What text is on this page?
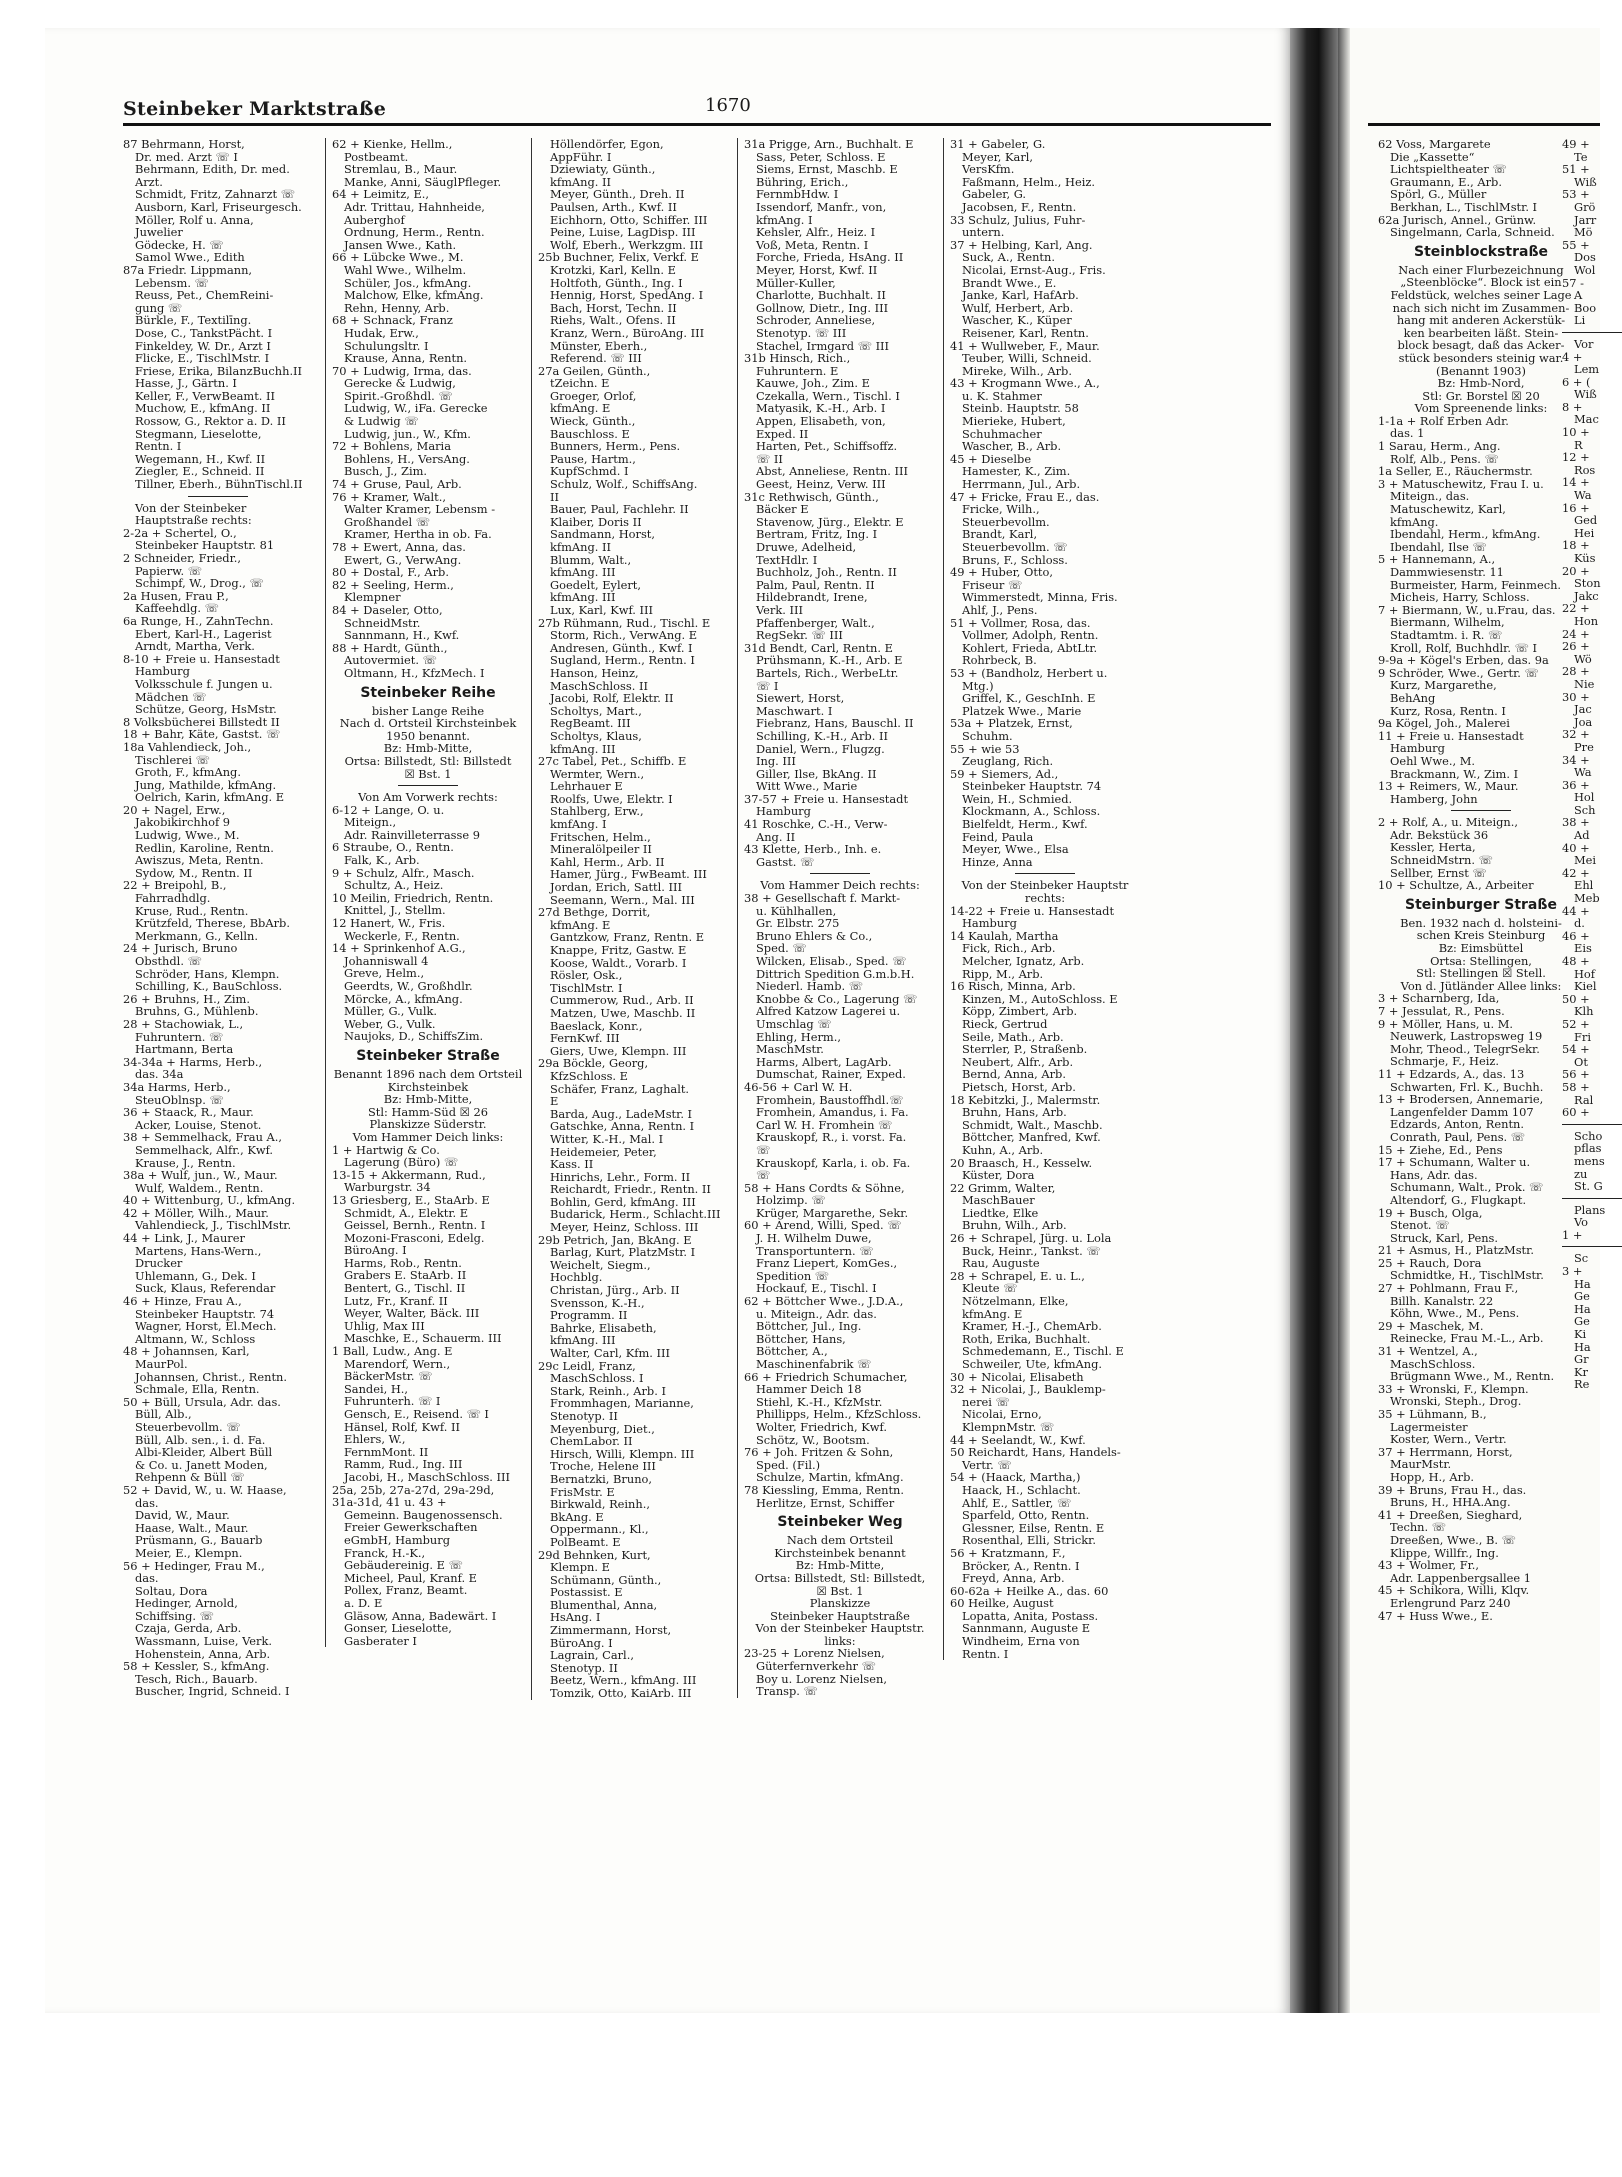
Steinbeker Marktstraße	1670
87 Behrmann, Horst,
Dr. med. Arzt ☏ I
Behrmann, Edith, Dr. med.
Arzt.
Schmidt, Fritz, Zahnarzt ☏
Ausborn, Karl, Friseurgesch.
Möller, Rolf u. Anna,
Juwelier
Gödecke, H. ☏
Samol Wwe., Edith
87a Friedr. Lippmann,
Lebensm. ☏
Reuss, Pet., ChemReini-
gung ☏
Bürkle, F., Textilīng.
Dose, C., TankstPächt. I
Finkeldey, W. Dr., Arzt I
Flicke, E., TischlMstr. I
Friese, Erika, BilanzBuchh.II
Hasse, J., Gärtn. I
Keller, F., VerwBeamt. II
Muchow, E., kfmAng. II
Rossow, G., Rektor a. D. II
Stegmann, Lieselotte,
Rentn. I
Wegemann, H., Kwf. II
Ziegler, E., Schneid. II
Tillner, Eberh., BühnTischl.II
Von der Steinbeker
Hauptstraße rechts:
2-2a + Schertel, O.,
Steinbeker Hauptstr. 81
2 Schneider, Friedr.,
Papierw. ☏
Schimpf, W., Drog., ☏
2a Husen, Frau P.,
Kaffeehdlg. ☏
6a Runge, H., ZahnTechn.
Ebert, Karl-H., Lagerist
Arndt, Martha, Verk.
8-10 + Freie u. Hansestadt
Hamburg
Volksschule f. Jungen u.
Mädchen ☏
Schütze, Georg, HsMstr.
8 Volksbücherei Billstedt II
18 + Bahr, Käte, Gastst. ☏
18a Vahlendieck, Joh.,
Tischlerei ☏
Groth, F., kfmAng.
Jung, Mathilde, kfmAng.
Oelrich, Karin, kfmAng. E
20 + Nagel, Erw.,
Jakobikirchhof 9
Ludwig, Wwe., M.
Redlin, Karoline, Rentn.
Awiszus, Meta, Rentn.
Sydow, M., Rentn. II
22 + Breipohl, B.,
Fahrradhdlg.
Kruse, Rud., Rentn.
Krützfeld, Therese, BbArb.
Merkmann, G., Kelln.
24 + Jurisch, Bruno
Obsthdl. ☏
Schröder, Hans, Klempn.
Schilling, K., BauSchloss.
26 + Bruhns, H., Zim.
Bruhns, G., Mühlenb.
28 + Stachowiak, L.,
Fuhruntern. ☏
Hartmann, Berta
34-34a + Harms, Herb.,
das. 34a
34a Harms, Herb.,
SteuOblnsp. ☏
36 + Staack, R., Maur.
Acker, Louise, Stenot.
38 + Semmelhack, Frau A.,
Semmelhack, Alfr., Kwf.
Krause, J., Rentn.
38a + Wulf, jun., W., Maur.
Wulf, Waldem., Rentn.
40 + Wittenburg, U., kfmAng.
42 + Möller, Wilh., Maur.
Vahlendieck, J., TischlMstr.
44 + Link, J., Maurer
Martens, Hans-Wern.,
Drucker
Uhlemann, G., Dek. I
Suck, Klaus, Referendar
46 + Hinze, Frau A.,
Steinbeker Hauptstr. 74
Wagner, Horst, El.Mech.
Altmann, W., Schloss
48 + Johannsen, Karl,
MaurPol.
Johannsen, Christ., Rentn.
Schmale, Ella, Rentn.
50 + Büll, Ursula, Adr. das.
Büll, Alb.,
Steuerbevollm. ☏
Büll, Alb. sen., i. d. Fa.
Albi-Kleider, Albert Büll
& Co. u. Janett Moden,
Rehpenn & Büll ☏
52 + David, W., u. W. Haase,
das.
David, W., Maur.
Haase, Walt., Maur.
Prüsmann, G., Bauarb
Meier, E., Klempn.
56 + Hedinger, Frau M.,
das.
Soltau, Dora
Hedinger, Arnold,
Schiffsing. ☏
Czaja, Gerda, Arb.
Wassmann, Luise, Verk.
Hohenstein, Anna, Arb.
58 + Kessler, S., kfmAng.
Tesch, Rich., Bauarb.
Buscher, Ingrid, Schneid. I
62 + Kienke, Hellm.,
Postbeamt.
Stremlau, B., Maur.
Manke, Anni, SäuglPfleger.
64 + Leimitz, E.,
Adr. Trittau, Hahnheide,
Auberghof
Ordnung, Herm., Rentn.
Jansen Wwe., Kath.
66 + Lübcke Wwe., M.
Wahl Wwe., Wilhelm.
Schüler, Jos., kfmAng.
Malchow, Elke, kfmAng.
Rehn, Henny, Arb.
68 + Schnack, Franz
Hudak, Erw.,
Schulungsltr. I
Krause, Anna, Rentn.
70 + Ludwig, Irma, das.
Gerecke & Ludwig,
Spirit.-Großhdl. ☏
Ludwig, W., iFa. Gerecke
& Ludwig ☏
Ludwig, jun., W., Kfm.
72 + Bohlens, Maria
Bohlens, H., VersAng.
Busch, J., Zim.
74 + Gruse, Paul, Arb.
76 + Kramer, Walt.,
Walter Kramer, Lebensm -
Großhandel ☏
Kramer, Hertha in ob. Fa.
78 + Ewert, Anna, das.
Ewert, G., VerwAng.
80 + Dostal, F., Arb.
82 + Seeling, Herm.,
Klempner
84 + Daseler, Otto,
SchneidMstr.
Sannmann, H., Kwf.
88 + Hardt, Günth.,
Autovermiet. ☏
Oltmann, H., KfzMech. I
Steinbeker Reihe
bisher Lange Reihe
Nach d. Ortsteil Kirchsteinbek
1950 benannt.
Bz: Hmb-Mitte,
Ortsa: Billstedt, Stl: Billstedt
☒ Bst. 1
Von Am Vorwerk rechts:
6-12 + Lange, O. u.
Miteign.,
Adr. Rainvilleterrasse 9
6 Straube, O., Rentn.
Falk, K., Arb.
9 + Schulz, Alfr., Masch.
Schultz, A., Heiz.
10 Meilin, Friedrich, Rentn.
Knittel, J., Stellm.
12 Hanert, W., Fris.
Weckerle, F., Rentn.
14 + Sprinkenhof A.G.,
Johanniswall 4
Greve, Helm.,
Geerdts, W., Großhdlr.
Mörcke, A., kfmAng.
Müller, G., Vulk.
Weber, G., Vulk.
Naujoks, D., SchiffsZim.
Steinbeker Straße
Benannt 1896 nach dem Ortsteil
Kirchsteinbek
Bz: Hmb-Mitte,
Stl: Hamm-Süd ☒ 26
Planskizze Süderstr.
Vom Hammer Deich links:
1 + Hartwig & Co.
Lagerung (Büro) ☏
13-15 + Akkermann, Rud.,
Warburgstr. 34
13 Griesberg, E., StaArb. E
Schmidt, A., Elektr. E
Geissel, Bernh., Rentn. I
Mozoni-Frasconi, Edelg.
BüroAng. I
Harms, Rob., Rentn.
Grabers E. StaArb. II
Bentert, G., Tischl. II
Lutz, Fr., Kranf. II
Weyer, Walter, Bäck. III
Uhlig, Max III
Maschke, E., Schauerm. III
1 Ball, Ludw., Ang. E
Marendorf, Wern.,
BäckerMstr. ☏
Sandei, H.,
Fuhrunterh. ☏ I
Gensch, E., Reisend. ☏ I
Hänsel, Rolf, Kwf. II
Ehlers, W.,
FernmMont. II
Ramm, Rud., Ing. III
Jacobi, H., MaschSchloss. III
25a, 25b, 27a-27d, 29a-29d,
31a-31d, 41 u. 43 +
Gemeinn. Baugenossensch.
Freier Gewerkschaften
eGmbH, Hamburg
Franck, H.-K.,
Gebäudereinig. E ☏
Micheel, Paul, Kranf. E
Pollex, Franz, Beamt.
a. D. E
Gläsow, Anna, Badewärt. I
Gonser, Lieselotte,
Gasberater I
Höllendörfer, Egon,
AppFühr. I
Dziewiaty, Günth.,
kfmAng. II
Meyer, Günth., Dreh. II
Paulsen, Arth., Kwf. II
Eichhorn, Otto, Schiffer. III
Peine, Luise, LagDisp. III
Wolf, Eberh., Werkzgm. III
25b Buchner, Felix, Verkf. E
Krotzki, Karl, Kelln. E
Holtfoth, Günth., Ing. I
Hennig, Horst, SpedAng. I
Bach, Horst, Techn. II
Riehs, Walt., Ofens. II
Kranz, Wern., BüroAng. III
Münster, Eberh.,
Referend. ☏ III
27a Geilen, Günth.,
tZeichn. E
Groeger, Orlof,
kfmAng. E
Wieck, Günth.,
Bauschloss. E
Bunners, Herm., Pens.
Pause, Hartm.,
KupfSchmd. I
Schulz, Wolf., SchiffsAng.
II
Bauer, Paul, Fachlehr. II
Klaiber, Doris II
Sandmann, Horst,
kfmAng. II
Blumm, Walt.,
kfmAng. III
Goedelt, Eylert,
kfmAng. III
Lux, Karl, Kwf. III
27b Rühmann, Rud., Tischl. E
Storm, Rich., VerwAng. E
Andresen, Günth., Kwf. I
Sugland, Herm., Rentn. I
Hanson, Heinz,
MaschSchloss. II
Jacobi, Rolf, Elektr. II
Scholtys, Mart.,
RegBeamt. III
Scholtys, Klaus,
kfmAng. III
27c Tabel, Pet., Schiffb. E
Wermter, Wern.,
Lehrhauer E
Roolfs, Uwe, Elektr. I
Stahlberg, Erw.,
kmfAng. I
Fritschen, Helm.,
Mineralölpeiler II
Kahl, Herm., Arb. II
Hamer, Jürg., FwBeamt. III
Jordan, Erich, Sattl. III
Seemann, Wern., Mal. III
27d Bethge, Dorrit,
kfmAng. E
Gantzkow, Franz, Rentn. E
Knappe, Fritz, Gastw. E
Koose, Waldt., Vorarb. I
Rösler, Osk.,
TischlMstr. I
Cummerow, Rud., Arb. II
Matzen, Uwe, Maschb. II
Baeslack, Konr.,
FernKwf. III
Giers, Uwe, Klempn. III
29a Böckle, Georg,
KfzSchloss. E
Schäfer, Franz, Laghalt.
E
Barda, Aug., LadeMstr. I
Gatschke, Anna, Rentn. I
Witter, K.-H., Mal. I
Heidemeier, Peter,
Kass. II
Hinrichs, Lehr., Form. II
Reichardt, Friedr., Rentn. II
Bohlin, Gerd, kfmAng. III
Budarick, Herm., Schlacht.III
Meyer, Heinz, Schloss. III
29b Petrich, Jan, BkAng. E
Barlag, Kurt, PlatzMstr. I
Weichelt, Siegm.,
Hochblg.
Christan, Jürg., Arb. II
Svensson, K.-H.,
Programm. II
Bahrke, Elisabeth,
kfmAng. III
Walter, Carl, Kfm. III
29c Leidl, Franz,
MaschSchloss. I
Stark, Reinh., Arb. I
Frommhagen, Marianne,
Stenotyp. II
Meyenburg, Diet.,
ChemLabor. II
Hirsch, Willi, Klempn. III
Troche, Helene III
Bernatzki, Bruno,
FrisMstr. E
Birkwald, Reinh.,
BkAng. E
Oppermann., Kl.,
PolBeamt. E
29d Behnken, Kurt,
Klempn. E
Schümann, Günth.,
Postassist. E
Blumenthal, Anna,
HsAng. I
Zimmermann, Horst,
BüroAng. I
Lagrain, Carl.,
Stenotyp. II
Beetz, Wern., kfmAng. III
Tomzik, Otto, KaiArb. III
31a Prigge, Arn., Buchhalt. E
Sass, Peter, Schloss. E
Siems, Ernst, Maschb. E
Bühring, Erich.,
FernmbHdw. I
Issendorf, Manfr., von,
kfmAng. I
Kehsler, Alfr., Heiz. I
Voß, Meta, Rentn. I
Forche, Frieda, HsAng. II
Meyer, Horst, Kwf. II
Müller-Kuller,
Charlotte, Buchhalt. II
Gollnow, Dietr., Ing. III
Schroder, Anneliese,
Stenotyp. ☏ III
Stachel, Irmgard ☏ III
31b Hinsch, Rich.,
Fuhruntern. E
Kauwe, Joh., Zim. E
Czekalla, Wern., Tischl. I
Matyasik, K.-H., Arb. I
Appen, Elisabeth, von,
Exped. II
Harten, Pet., Schiffsoffz.
☏ II
Abst, Anneliese, Rentn. III
Geest, Heinz, Verw. III
31c Rethwisch, Günth.,
Bäcker E
Stavenow, Jürg., Elektr. E
Bertram, Fritz, Ing. I
Druwe, Adelheid,
TextHdlr. I
Buchholz, Joh., Rentn. II
Palm, Paul, Rentn. II
Hildebrandt, Irene,
Verk. III
Pfaffenberger, Walt.,
RegSekr. ☏ III
31d Bendt, Carl, Rentn. E
Prühsmann, K.-H., Arb. E
Bartels, Rich., WerbeLtr.
☏ I
Siewert, Horst,
Maschwart. I
Fiebranz, Hans, Bauschl. II
Schilling, K.-H., Arb. II
Daniel, Wern., Flugzg.
Ing. III
Giller, Ilse, BkAng. II
Witt Wwe., Marie
37-57 + Freie u. Hansestadt
Hamburg
41 Roschke, C.-H., Verw-
Ang. II
43 Klette, Herb., Inh. e.
Gastst. ☏
Vom Hammer Deich rechts:
38 + Gesellschaft f. Markt-
u. Kühlhallen,
Gr. Elbstr. 275
Bruno Ehlers & Co.,
Sped. ☏
Wilcken, Elisab., Sped. ☏
Dittrich Spedition G.m.b.H.
Niederl. Hamb. ☏
Knobbe & Co., Lagerung ☏
Alfred Katzow Lagerei u.
Umschlag ☏
Ehling, Herm.,
MaschMstr.
Harms, Albert, LagArb.
Dumschat, Rainer, Exped.
46-56 + Carl W. H.
Fromhein, Baustoffhdl.☏
Fromhein, Amandus, i. Fa.
Carl W. H. Fromhein ☏
Krauskopf, R., i. vorst. Fa.
☏
Krauskopf, Karla, i. ob. Fa.
☏
58 + Hans Cordts & Söhne,
Holzimp. ☏
Krüger, Margarethe, Sekr.
60 + Arend, Willi, Sped. ☏
J. H. Wilhelm Duwe,
Transportuntern. ☏
Franz Liepert, KomGes.,
Spedition ☏
Hockauf, E., Tischl. I
62 + Böttcher Wwe., J.D.A.,
u. Miteign., Adr. das.
Böttcher, Jul., Ing.
Böttcher, Hans,
Böttcher, A.,
Maschinenfabrik ☏
66 + Friedrich Schumacher,
Hammer Deich 18
Stiehl, K.-H., KfzMstr.
Phillipps, Helm., KfzSchloss.
Wolter, Friedrich, Kwf.
Schötz, W., Bootsm.
76 + Joh. Fritzen & Sohn,
Sped. (Fil.)
Schulze, Martin, kfmAng.
78 Kiessling, Emma, Rentn.
Herlitze, Ernst, Schiffer
Steinbeker Weg
Nach dem Ortsteil
Kirchsteinbek benannt
Bz: Hmb-Mitte,
Ortsa: Billstedt, Stl: Billstedt,
☒ Bst. 1
Planskizze
Steinbeker Hauptstraße
Von der Steinbeker Hauptstr.
links:
23-25 + Lorenz Nielsen,
Güterfernverkehr ☏
Boy u. Lorenz Nielsen,
Transp. ☏
31 + Gabeler, G.
Meyer, Karl,
VersKfm.
Faßmann, Helm., Heiz.
Gabeler, G.
Jacobsen, F., Rentn.
33 Schulz, Julius, Fuhr-
untern.
37 + Helbing, Karl, Ang.
Suck, A., Rentn.
Nicolai, Ernst-Aug., Fris.
Brandt Wwe., E.
Janke, Karl, HafArb.
Wulf, Herbert, Arb.
Wascher, K., Küper
Reisener, Karl, Rentn.
41 + Wullweber, F., Maur.
Teuber, Willi, Schneid.
Mireke, Wilh., Arb.
43 + Krogmann Wwe., A.,
u. K. Stahmer
Steinb. Hauptstr. 58
Mierieke, Hubert,
Schuhmacher
Wascher, B., Arb.
45 + Dieselbe
Hamester, K., Zim.
Herrmann, Jul., Arb.
47 + Fricke, Frau E., das.
Fricke, Wilh.,
Steuerbevollm.
Brandt, Karl,
Steuerbevollm. ☏
Bruns, F., Schloss.
49 + Huber, Otto,
Friseur ☏
Wimmerstedt, Minna, Fris.
Ahlf, J., Pens.
51 + Vollmer, Rosa, das.
Vollmer, Adolph, Rentn.
Kohlert, Frieda, AbtLtr.
Rohrbeck, B.
53 + (Bandholz, Herbert u.
Mtg.)
Griffel, K., GeschInh. E
Platzek Wwe., Marie
53a + Platzek, Ernst,
Schuhm.
55 + wie 53
Zeuglang, Rich.
59 + Siemers, Ad.,
Steinbeker Hauptstr. 74
Wein, H., Schmied.
Klockmann, A., Schloss.
Bielfeldt, Herm., Kwf.
Feind, Paula
Meyer, Wwe., Elsa
Hinze, Anna
Von der Steinbeker Hauptstr
rechts:
14-22 + Freie u. Hansestadt
Hamburg
14 Kaulah, Martha
Fick, Rich., Arb.
Melcher, Ignatz, Arb.
Ripp, M., Arb.
16 Risch, Minna, Arb.
Kinzen, M., AutoSchloss. E
Köpp, Zimbert, Arb.
Rieck, Gertrud
Seile, Math., Arb.
Sterrler, P., Straßenb.
Neubert, Alfr., Arb.
Bernd, Anna, Arb.
Pietsch, Horst, Arb.
18 Kebitzki, J., Malermstr.
Bruhn, Hans, Arb.
Schmidt, Walt., Maschb.
Böttcher, Manfred, Kwf.
Kuhn, A., Arb.
20 Braasch, H., Kesselw.
Küster, Dora
22 Grimm, Walter,
MaschBauer
Liedtke, Elke
Bruhn, Wilh., Arb.
26 + Schrapel, Jürg. u. Lola
Buck, Heinr., Tankst. ☏
Rau, Auguste
28 + Schrapel, E. u. L.,
Kleute ☏
Nötzelmann, Elke,
kfmAng. E
Kramer, H.-J., ChemArb.
Roth, Erika, Buchhalt.
Schmedemann, E., Tischl. E
Schweiler, Ute, kfmAng.
30 + Nicolai, Elisabeth
32 + Nicolai, J., Bauklemp-
nerei ☏
Nicolai, Erno,
KlempnMstr. ☏
44 + Seelandt, W., Kwf.
50 Reichardt, Hans, Handels-
Vertr. ☏
54 + (Haack, Martha,)
Haack, H., Schlacht.
Ahlf, E., Sattler, ☏
Sparfeld, Otto, Rentn.
Glessner, Eilse, Rentn. E
Rosenthal, Elli, Strickr.
56 + Kratzmann, F.,
Bröcker, A., Rentn. I
Freyd, Anna, Arb.
60-62a + Heilke A., das. 60
60 Heilke, August
Lopatta, Anita, Postass.
Sannmann, Auguste E
Windheim, Erna von
Rentn. I
62 Voss, Margarete
Die „Kassette“
Lichtspieltheater ☏
Graumann, E., Arb.
Spörl, G., Müller
Berkhan, L., TischlMstr. I
62a Jurisch, Annel., Grünw.
Singelmann, Carla, Schneid.
Steinblockstraße
Nach einer Flurbezeichnung
„Steenblöcke“. Block ist ein
Feldstück, welches seiner Lage
nach sich nicht im Zusammen-
hang mit anderen Ackerstük-
ken bearbeiten läßt. Stein-
block besagt, daß das Acker-
stück besonders steinig war.
(Benannt 1903)
Bz: Hmb-Nord,
Stl: Gr. Borstel ☒ 20
Vom Spreenende links:
1-1a + Rolf Erben Adr.
das. 1
1 Sarau, Herm., Ang.
Rolf, Alb., Pens. ☏
1a Seller, E., Räuchermstr.
3 + Matuschewitz, Frau I. u.
Miteign., das.
Matuschewitz, Karl,
kfmAng.
Ibendahl, Herm., kfmAng.
Ibendahl, Ilse ☏
5 + Hannemann, A.,
Dammwiesenstr. 11
Burmeister, Harm, Feinmech.
Micheis, Harry, Schloss.
7 + Biermann, W., u.Frau, das.
Biermann, Wilhelm,
Stadtamtm. i. R. ☏
Kroll, Rolf, Buchhdlr. ☏ I
9-9a + Kögel's Erben, das. 9a
9 Schröder, Wwe., Gertr. ☏
Kurz, Margarethe,
BehAng
Kurz, Rosa, Rentn. I
9a Kögel, Joh., Malerei
11 + Freie u. Hansestadt
Hamburg
Oehl Wwe., M.
Brackmann, W., Zim. I
13 + Reimers, W., Maur.
Hamberg, John
2 + Rolf, A., u. Miteign.,
Adr. Bekstück 36
Kessler, Herta,
SchneidMstrn. ☏
Sellber, Ernst ☏
10 + Schultze, A., Arbeiter
Steinburger Straße
Ben. 1932 nach d. holsteini-
schen Kreis Steinburg
Bz: Eimsbüttel
Ortsa: Stellingen,
Stl: Stellingen ☒ Stell.
Von d. Jütländer Allee links:
3 + Scharnberg, Ida,
7 + Jessulat, R., Pens.
9 + Möller, Hans, u. M.
Neuwerk, Lastropsweg 19
Mohr, Theod., TelegrSekr.
Schmarje, F., Heiz.
11 + Edzards, A., das. 13
Schwarten, Frl. K., Buchh.
13 + Brodersen, Annemarie,
Langenfelder Damm 107
Edzards, Anton, Rentn.
Conrath, Paul, Pens. ☏
15 + Ziehe, Ed., Pens
17 + Schumann, Walter u.
Hans, Adr. das.
Schumann, Walt., Prok. ☏
Altendorf, G., Flugkapt.
19 + Busch, Olga,
Stenot. ☏
Struck, Karl, Pens.
21 + Asmus, H., PlatzMstr.
25 + Rauch, Dora
Schmidtke, H., TischlMstr.
27 + Pohlmann, Frau F.,
Billh. Kanalstr. 22
Köhn, Wwe., M., Pens.
29 + Maschek, M.
Reinecke, Frau M.-L., Arb.
31 + Wentzel, A.,
MaschSchloss.
Brügmann Wwe., M., Rentn.
33 + Wronski, F., Klempn.
Wronski, Steph., Drog.
35 + Lühmann, B.,
Lagermeister
Koster, Wern., Vertr.
37 + Herrmann, Horst,
MaurMstr.
Hopp, H., Arb.
39 + Bruns, Frau H., das.
Bruns, H., HHA.Ang.
41 + Dreeßen, Sieghard,
Techn. ☏
Dreeßen, Wwe., B. ☏
Klippe, Willfr., Ing.
43 + Wolmer, Fr.,
Adr. Lappenbergsallee 1
45 + Schikora, Willi, Klqv.
Erlengrund Parz 240
47 + Huss Wwe., E.
49 +
Te
51 +
Wiß
53 +
Grö
Jarr
Mö
55 +
Dos
Wol
57 -
A
Boo
Li
Vor
4 +
Lem
6 + (
Wiß
8 +
Mac
10 +
R
12 +
Ros
14 +
Wa
16 +
Ged
Hei
18 +
Küs
20 +
Ston
Jakc
22 +
Hon
24 +
26 +
Wö
28 +
Nie
30 +
Jac
Joa
32 +
Pre
34 +
Wa
36 +
Hol
Sch
38 +
Ad
40 +
Mei
42 +
Ehl
Meb
44 +
d.
46 +
Eis
48 +
Hof
Kiel
50 +
Klh
52 +
Fri
54 +
Ot
56 +
58 +
Ral
60 +
Scho
pflas
mens
zu
St. G
Plans
Vo
1 +
Sc
3 +
Ha
Ge
Ha
Ge
Ki
Ha
Gr
Kr
Re
